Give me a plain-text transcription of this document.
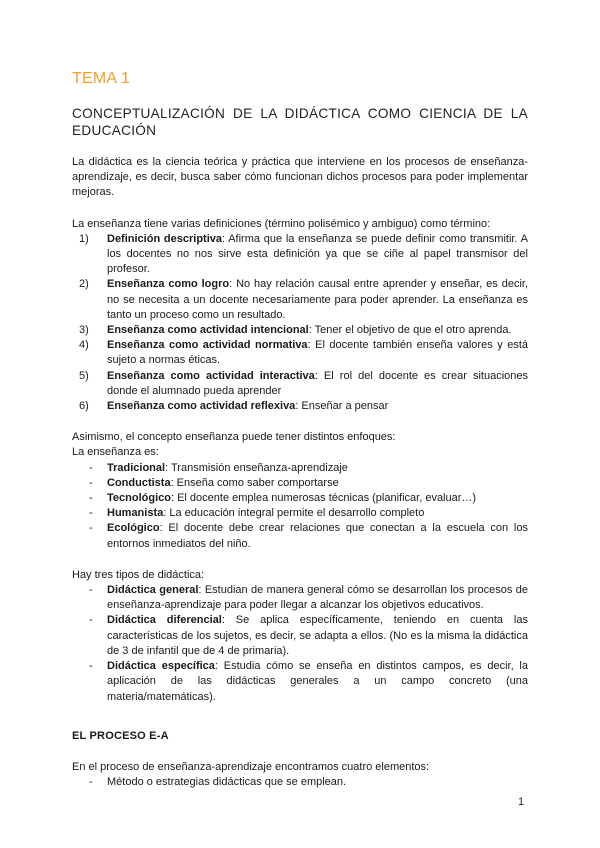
TEMA 1
CONCEPTUALIZACIÓN DE LA DIDÁCTICA COMO CIENCIA DE LA
EDUCACIÓN

La didáctica es la ciencia teórica y práctica que interviene en los procesos de enseñanza-aprendizaje, es decir, busca saber cómo funcionan dichos procesos para poder implementar mejoras.

La enseñanza tiene varias definiciones (término polisémico y ambiguo) como término:

1) Definición descriptiva: Afirma que la enseñanza se puede definir como transmitir. A los docentes no nos sirve esta definición ya que se ciñe al papel transmisor del profesor.
2) Enseñanza como logro: No hay relación causal entre aprender y enseñar, es decir, no se necesita a un docente necesariamente para poder aprender. La enseñanza es tanto un proceso como un resultado.
3) Enseñanza como actividad intencional: Tener el objetivo de que el otro aprenda.
4) Enseñanza como actividad normativa: El docente también enseña valores y está sujeto a normas éticas.
5) Enseñanza como actividad interactiva: El rol del docente es crear situaciones donde el alumnado pueda aprender
6) Enseñanza como actividad reflexiva: Enseñar a pensar

Asimismo, el concepto enseñanza puede tener distintos enfoques:

La enseñanza es:

- Tradicional: Transmisión enseñanza-aprendizaje
- Conductista: Enseña como saber comportarse
- Tecnológico: El docente emplea numerosas técnicas (planificar, evaluar…)
- Humanista: La educación integral permite el desarrollo completo
- Ecológico: El docente debe crear relaciones que conectan a la escuela con los entornos inmediatos del niño.

Hay tres tipos de didáctica:

- Didáctica general: Estudian de manera general cómo se desarrollan los procesos de enseñanza-aprendizaje para poder llegar a alcanzar los objetivos educativos.
- Didáctica diferencial: Se aplica específicamente, teniendo en cuenta las características de los sujetos, es decir, se adapta a ellos. (No es la misma la didáctica de 3 de infantil que de 4 de primaria).
- Didáctica específica: Estudia cómo se enseña en distintos campos, es decir, la aplicación de las didácticas generales a un campo concreto (una materia/matemáticas).

EL PROCESO E-A

En el proceso de enseñanza-aprendizaje encontramos cuatro elementos:

- Método o estrategias didácticas que se emplean.
1
